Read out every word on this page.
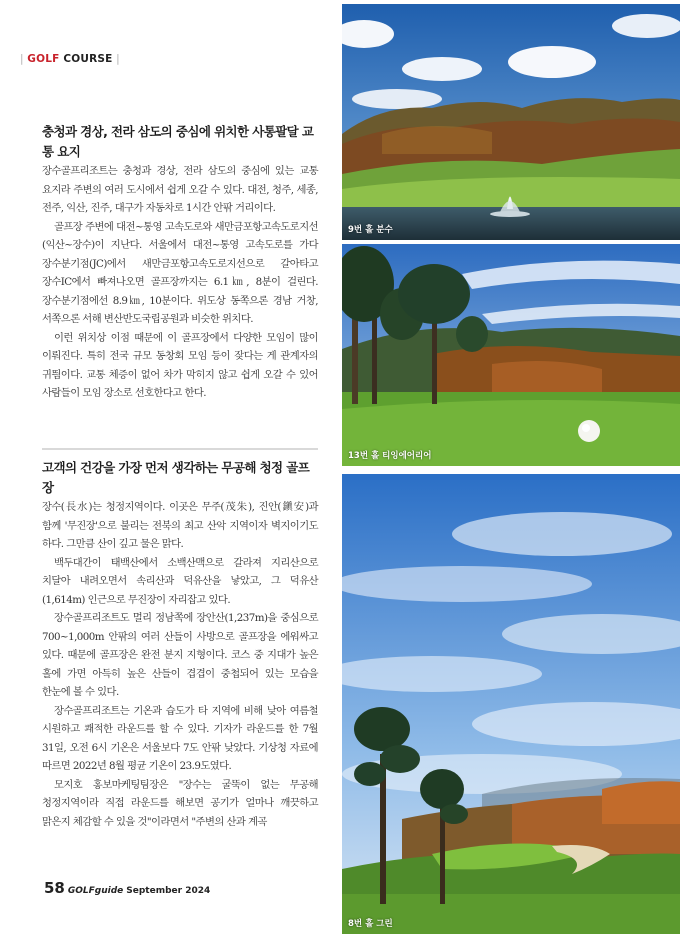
| GOLF COURSE |
충청과 경상, 전라 삼도의 중심에 위치한 사통팔달 교통 요지

장수골프리조트는 충청과 경상, 전라 삼도의 중심에 있는 교통 요지라 주변의 여러 도시에서 쉽게 오갈 수 있다. 대전, 청주, 세종, 전주, 익산, 진주, 대구가 자동차로 1시간 안팎 거리이다.

골프장 주변에 대전~통영 고속도로와 새만금포항고속도로지선(익산~장수)이 지난다. 서울에서 대전~통영 고속도로를 가다 장수분기점(JC)에서 새만금포항고속도로지선으로 갈아타고 장수IC에서 빠져나오면 골프장까지는 6.1㎞, 8분이 걸린다. 장수분기점에선 8.9㎞, 10분이다. 위도상 동쪽으론 경남 거창, 서쪽으론 서해 변산반도국립공원과 비슷한 위치다.

이런 위치상 이점 때문에 이 골프장에서 다양한 모임이 많이 이뤄진다. 특히 전국 규모 동창회 모임 등이 잦다는 게 관계자의 귀띔이다. 교통 체증이 없어 차가 막히지 않고 쉽게 오갈 수 있어 사람들이 모임 장소로 선호한다고 한다.

고객의 건강을 가장 먼저 생각하는 무공해 청정 골프장

장수(長水)는 청정지역이다. 이곳은 무주(茂朱), 진안(鎭安)과 함께 '무진장'으로 불리는 전북의 최고 산악 지역이자 벽지이기도 하다. 그만큼 산이 깊고 물은 맑다.

백두대간이 태백산에서 소백산맥으로 갈라져 지리산으로 치달아 내려오면서 속리산과 덕유산을 낳았고, 그 덕유산(1,614m) 인근으로 무진장이 자리잡고 있다.

장수골프리조트도 멀리 정남쪽에 장안산(1,237m)을 중심으로 700~1,000m 안팎의 여러 산들이 사방으로 골프장을 에워싸고 있다. 때문에 골프장은 완전 분지 지형이다. 코스 중 지대가 높은 홀에 가면 아득히 높은 산들이 겹겹이 중첩되어 있는 모습을 한눈에 볼 수 있다.

장수골프리조트는 기온과 습도가 타 지역에 비해 낮아 여름철 시원하고 쾌적한 라운드를 할 수 있다. 기자가 라운드를 한 7월 31일, 오전 6시 기온은 서울보다 7도 안팎 낮았다. 기상청 자료에 따르면 2022년 8월 평균 기온이 23.9도였다.

모지호 홍보마케팅팀장은 "장수는 굴뚝이 없는 무공해 청정지역이라 직접 라운드를 해보면 공기가 얼마나 깨끗하고 맑은지 체감할 수 있을 것"이라면서 "주변의 산과 계곡

58 GOLFguide September 2024
9번 홀 분수
13번 홀 티잉에어리어
8번 홀 그린
